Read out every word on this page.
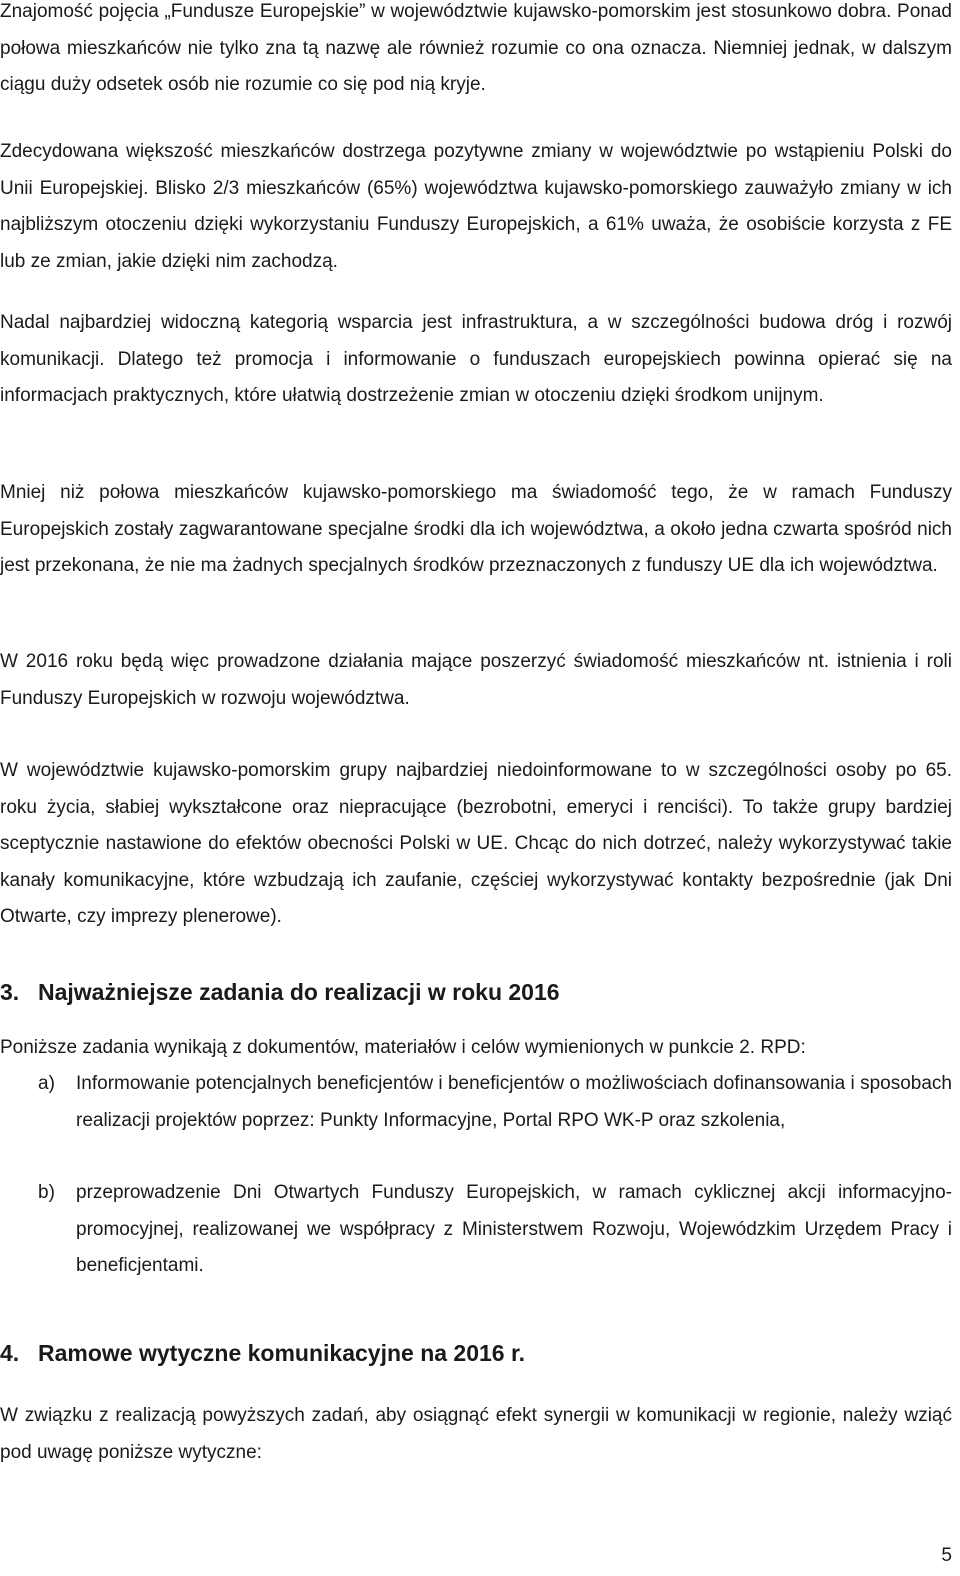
Znajomość pojęcia „Fundusze Europejskie” w województwie kujawsko-pomorskim jest stosunkowo dobra. Ponad połowa mieszkańców nie tylko zna tą nazwę ale również rozumie co ona oznacza. Niemniej jednak, w dalszym ciągu duży odsetek osób nie rozumie co się pod nią kryje.

Zdecydowana większość mieszkańców dostrzega pozytywne zmiany w województwie po wstąpieniu Polski do Unii Europejskiej. Blisko 2/3 mieszkańców (65%) województwa kujawsko-pomorskiego zauważyło zmiany w ich najbliższym otoczeniu dzięki wykorzystaniu Funduszy Europejskich, a 61% uważa, że osobiście korzysta z FE lub ze zmian, jakie dzięki nim zachodzą.

Nadal najbardziej widoczną kategorią wsparcia jest infrastruktura, a w szczególności budowa dróg i rozwój komunikacji. Dlatego też promocja i informowanie o funduszach europejskiech powinna opierać się na informacjach praktycznych, które ułatwią dostrzeżenie zmian w otoczeniu dzięki środkom unijnym.

Mniej niż połowa mieszkańców kujawsko-pomorskiego ma świadomość tego, że w ramach Funduszy Europejskich zostały zagwarantowane specjalne środki dla ich województwa, a około jedna czwarta spośród nich jest przekonana, że nie ma żadnych specjalnych środków przeznaczonych z funduszy UE dla ich województwa.

W 2016 roku będą więc prowadzone działania mające poszerzyć świadomość mieszkańców nt. istnienia i roli Funduszy Europejskich w rozwoju województwa.

W województwie kujawsko-pomorskim grupy najbardziej niedoinformowane to w szczególności osoby po 65. roku życia, słabiej wykształcone oraz niepracujące (bezrobotni, emeryci i renciści). To także grupy bardziej sceptycznie nastawione do efektów obecności Polski w UE. Chcąc do nich dotrzeć, należy wykorzystywać takie kanały komunikacyjne, które wzbudzają ich zaufanie, częściej wykorzystywać kontakty bezpośrednie (jak Dni Otwarte, czy imprezy plenerowe).

3. Najważniejsze zadania do realizacji w roku 2016

Poniższe zadania wynikają z dokumentów, materiałów i celów wymienionych w punkcie 2. RPD:

a) Informowanie potencjalnych beneficjentów i beneficjentów o możliwościach dofinansowania i sposobach realizacji projektów poprzez: Punkty Informacyjne, Portal RPO WK-P oraz szkolenia,
b) przeprowadzenie Dni Otwartych Funduszy Europejskich, w ramach cyklicznej akcji informacyjno-promocyjnej, realizowanej we współpracy z Ministerstwem Rozwoju, Wojewódzkim Urzędem Pracy i beneficjentami.
4. Ramowe wytyczne komunikacyjne na 2016 r.

W związku z realizacją powyższych zadań, aby osiągnąć efekt synergii w komunikacji w regionie, należy wziąć pod uwagę poniższe wytyczne:

5
